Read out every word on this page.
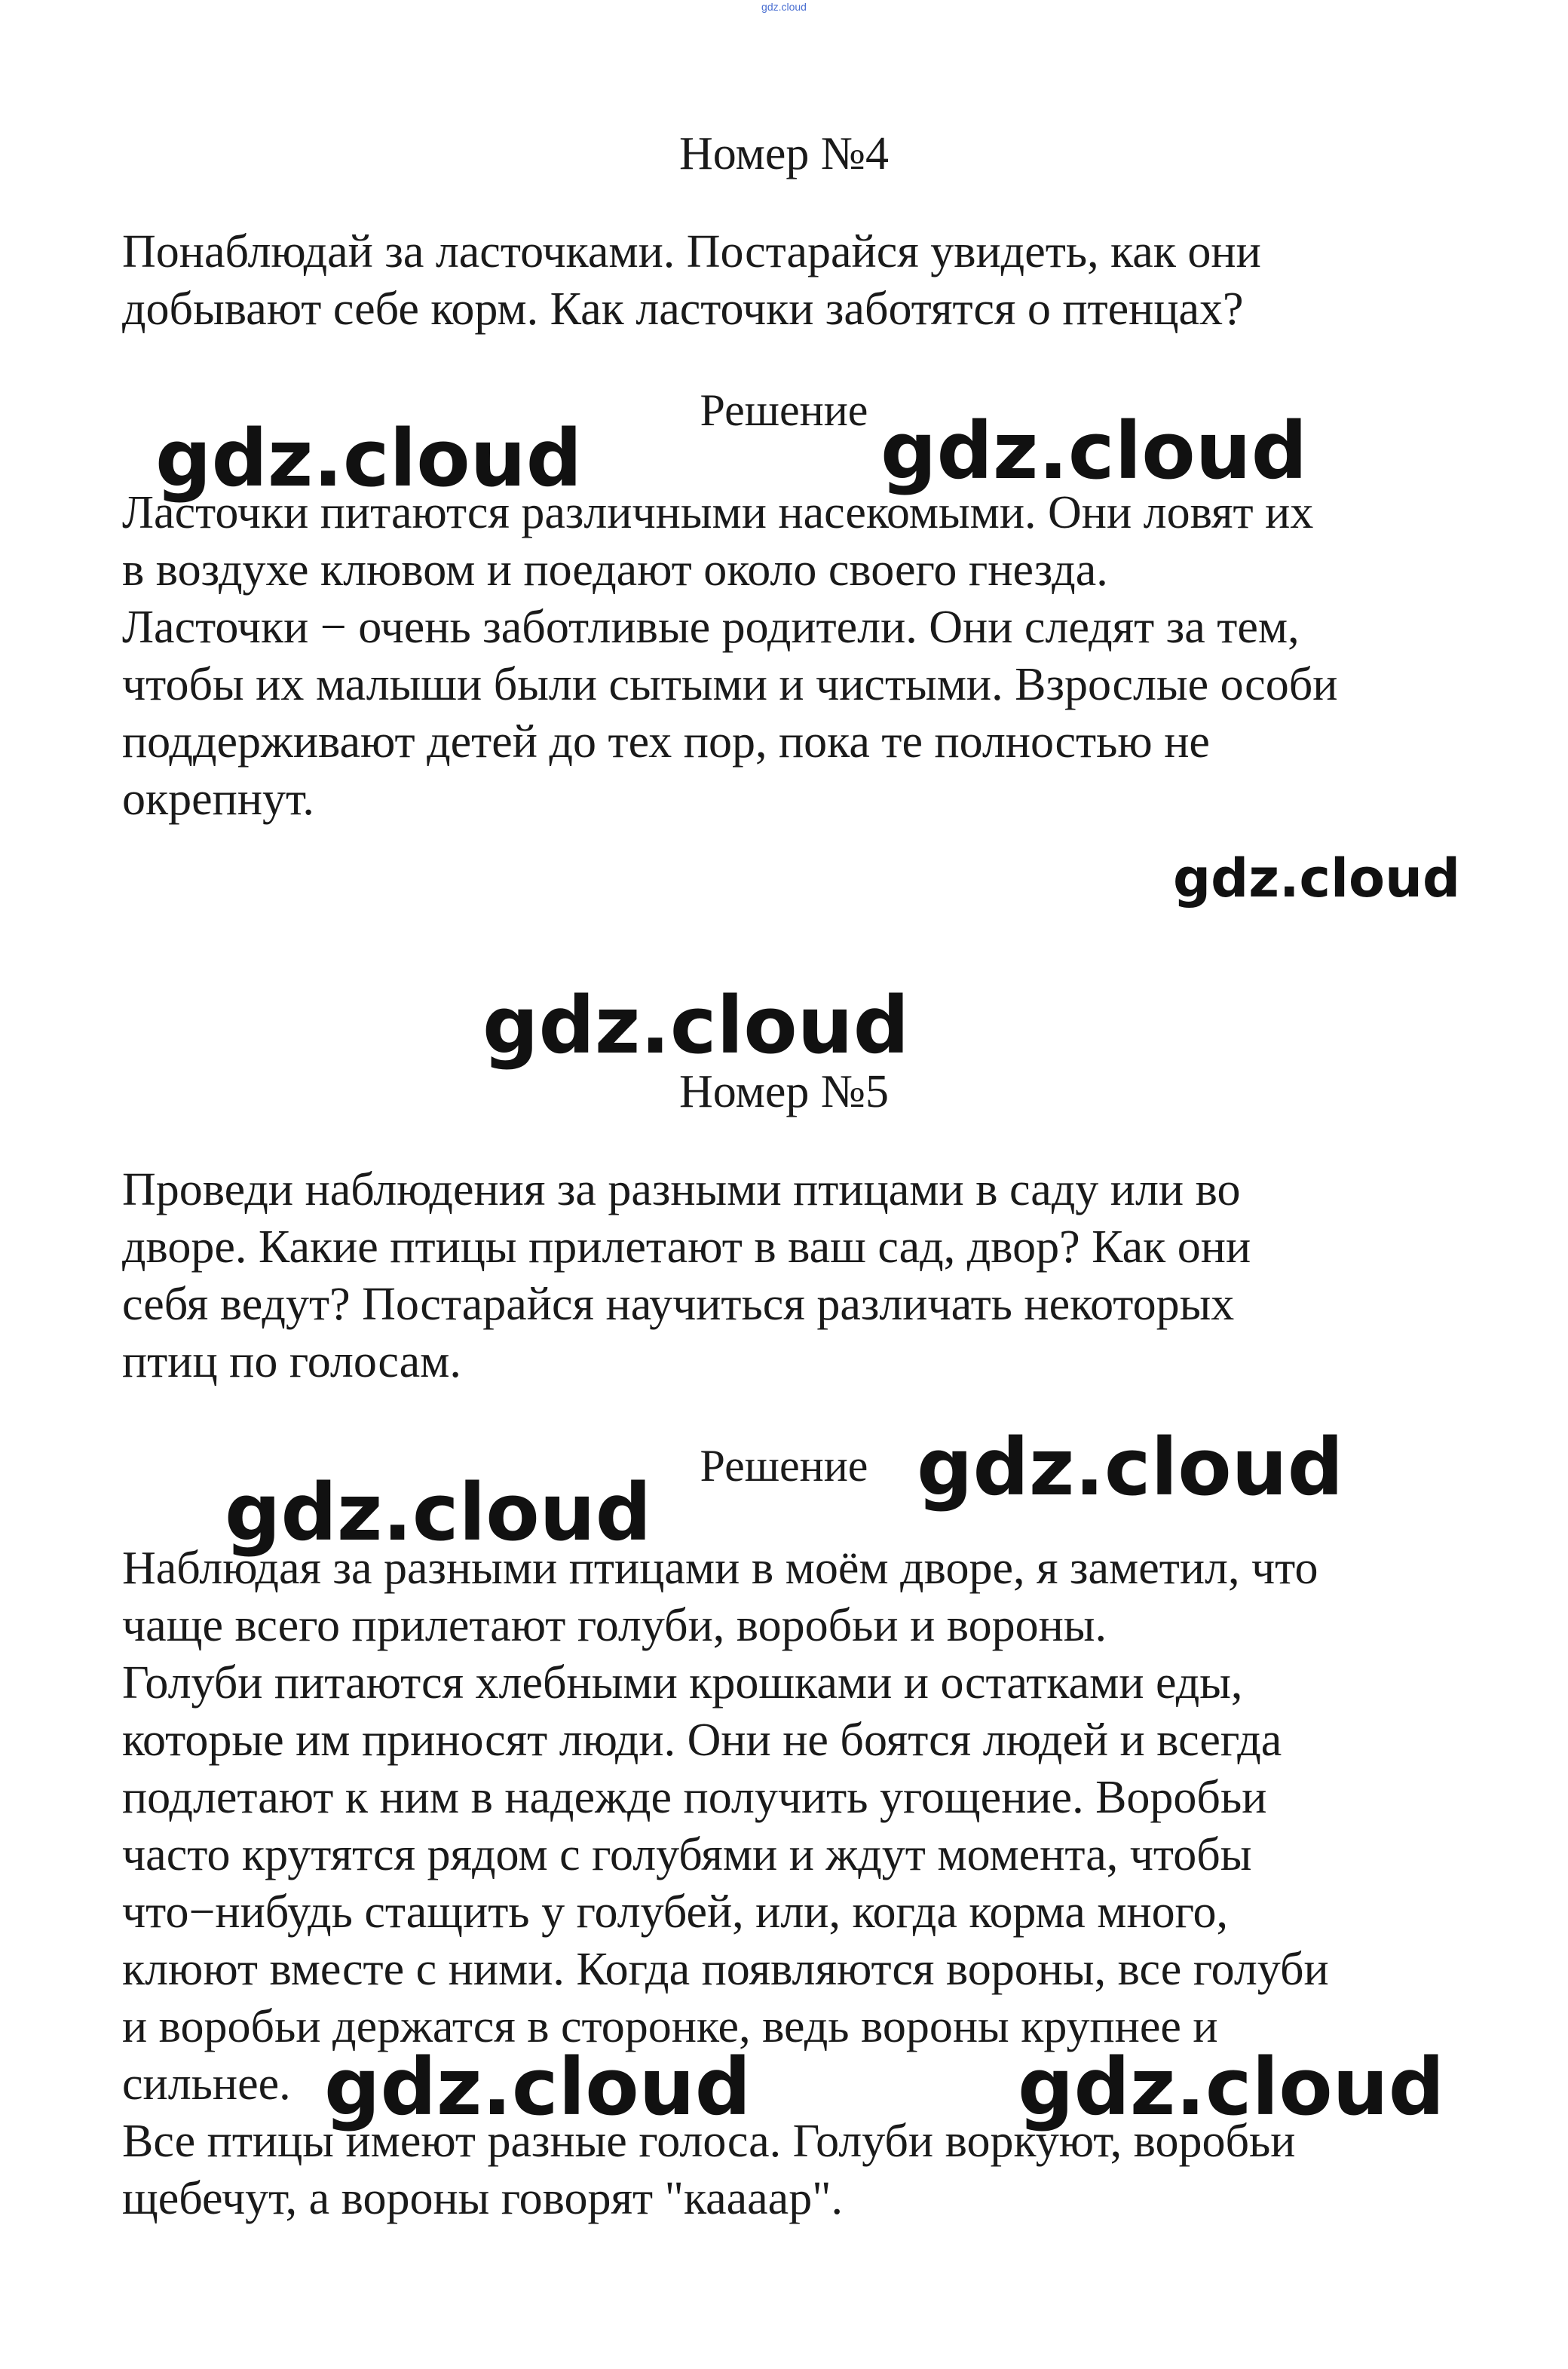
gdz.cloud
Номер №4

Понаблюдай за ласточками. Постарайся увидеть, как они
добывают себе корм. Как ласточки заботятся о птенцах?

Решение

Ласточки питаются различными насекомыми. Они ловят их
в воздухе клювом и поедают около своего гнезда.
Ласточки − очень заботливые родители. Они следят за тем,
чтобы их малыши были сытыми и чистыми. Взрослые особи
поддерживают детей до тех пор, пока те полностью не
окрепнут.

Номер №5

Проведи наблюдения за разными птицами в саду или во
дворе. Какие птицы прилетают в ваш сад, двор? Как они
себя ведут? Постарайся научиться различать некоторых
птиц по голосам.

Решение

Наблюдая за разными птицами в моём дворе, я заметил, что
чаще всего прилетают голуби, воробьи и вороны.
Голуби питаются хлебными крошками и остатками еды,
которые им приносят люди. Они не боятся людей и всегда
подлетают к ним в надежде получить угощение. Воробьи
часто крутятся рядом с голубями и ждут момента, чтобы
что−нибудь стащить у голубей, или, когда корма много,
клюют вместе с ними. Когда появляются вороны, все голуби
и воробьи держатся в сторонке, ведь вороны крупнее и
сильнее.
Все птицы имеют разные голоса. Голуби воркуют, воробьи
щебечут, а вороны говорят "кааaар".

gdz.cloud	gdz.cloud
gdz.cloud
gdz.cloud
gdz.cloud
gdz.cloud
gdz.cloud	gdz.cloud
